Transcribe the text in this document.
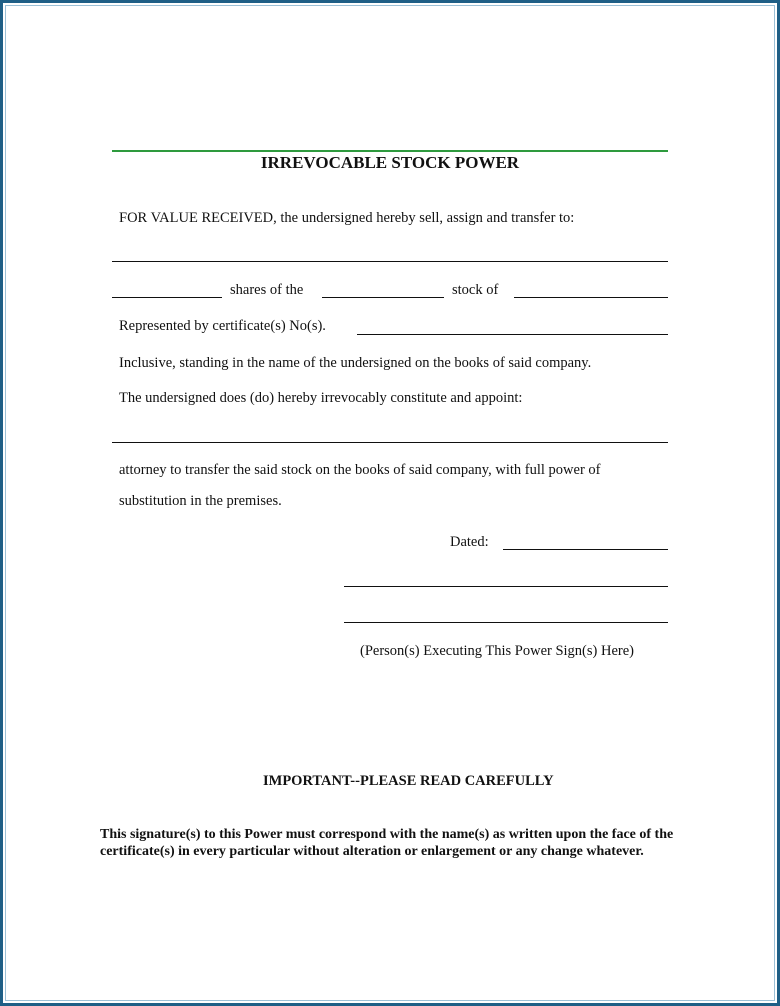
IRREVOCABLE STOCK POWER
FOR VALUE RECEIVED, the undersigned hereby sell, assign and transfer to:
shares of the	stock of
Represented by certificate(s) No(s).
Inclusive, standing in the name of the undersigned on the books of said company.
The undersigned does (do) hereby irrevocably constitute and appoint:
attorney to transfer the said stock on the books of said company, with full power of
substitution in the premises.
Dated:
(Person(s) Executing This Power Sign(s) Here)
IMPORTANT--PLEASE READ CAREFULLY
This signature(s) to this Power must correspond with the name(s) as written upon the face of the certificate(s) in every particular without alteration or enlargement or any change whatever.
